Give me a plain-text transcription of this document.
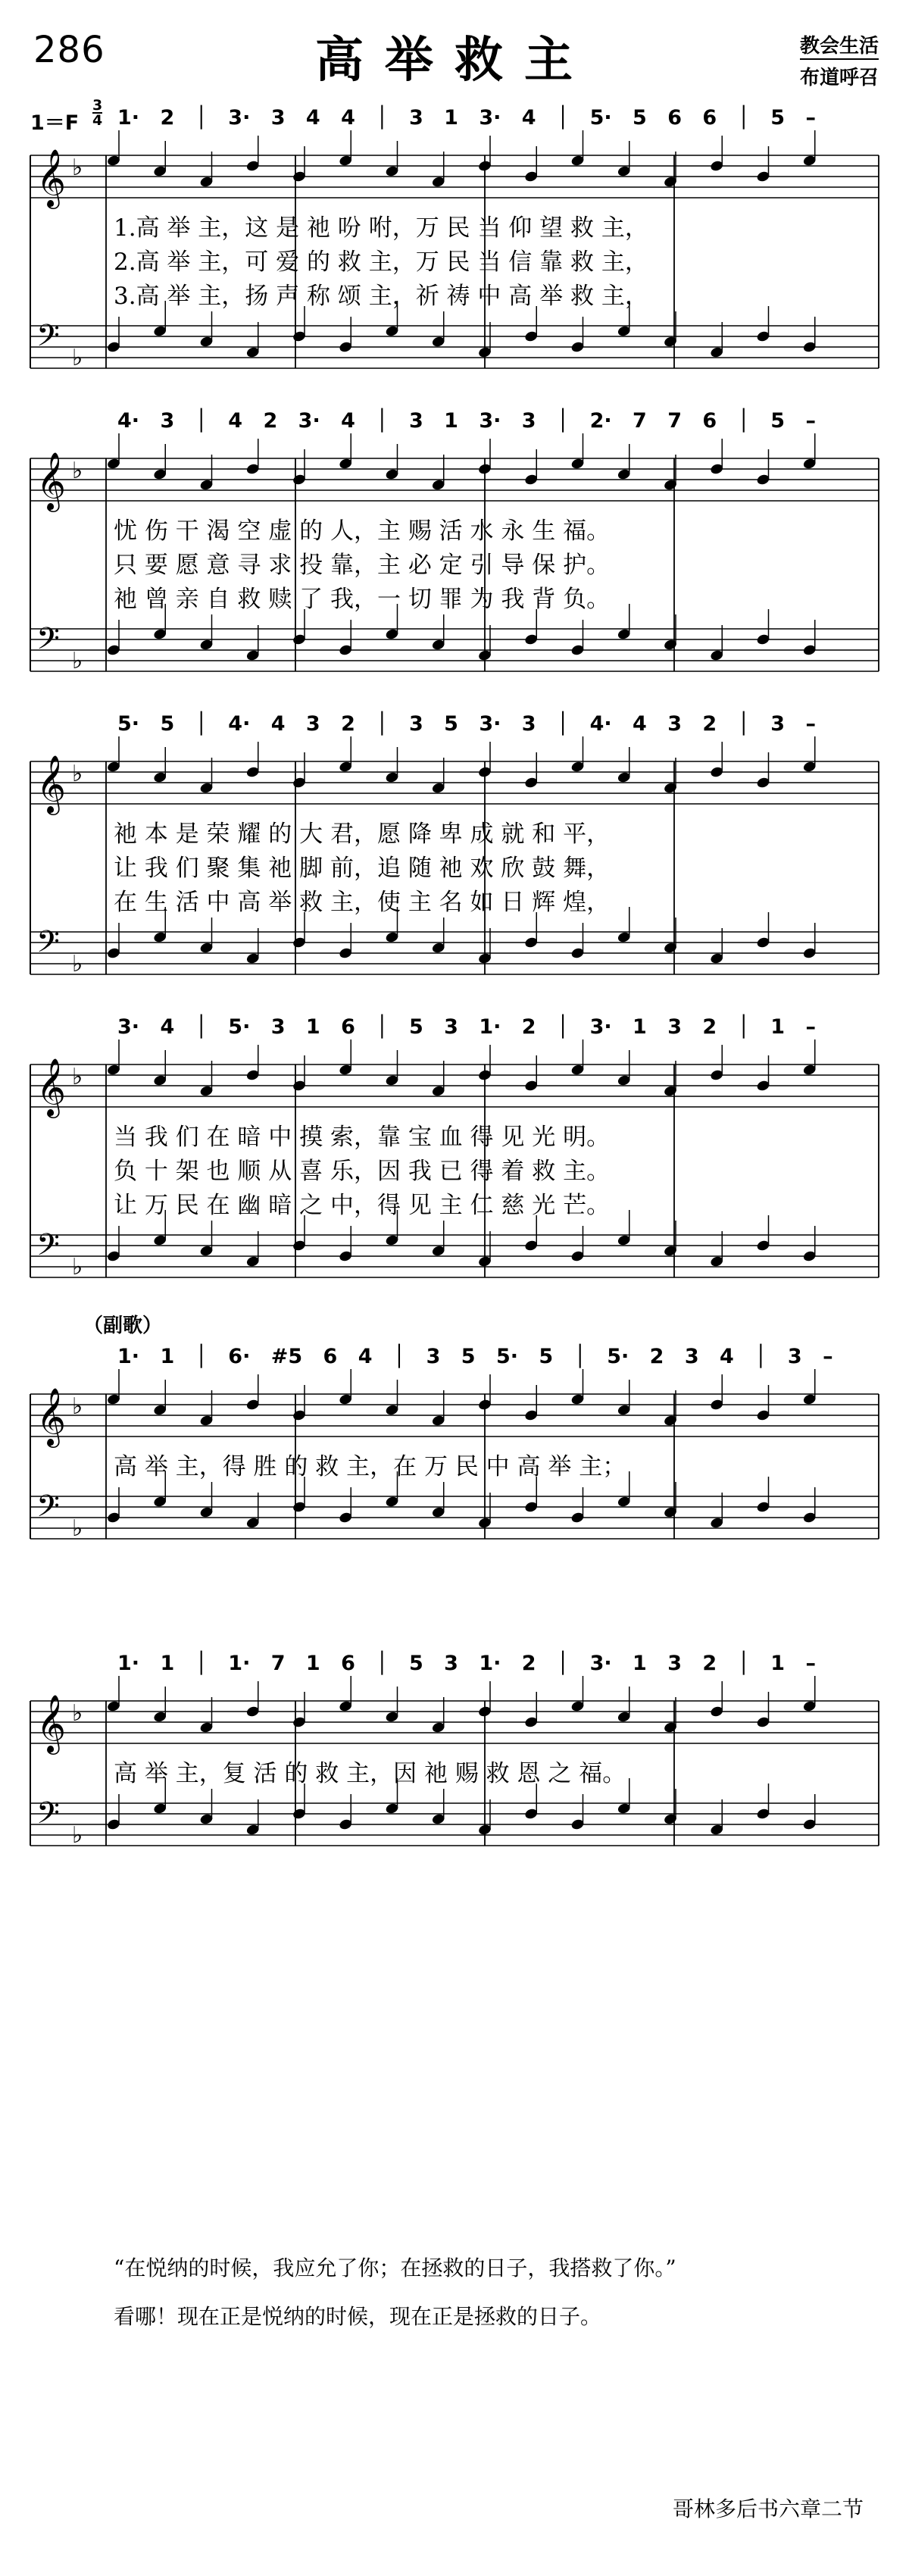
286	高举救主	教会生活
布道呼召
1＝F
3
4 1· 2 │ 3· 3 4 4 │ 3 1 3· 4 │ 5· 5 6 6 │ 5 –
𝄞 ♭
𝄢 ♭
1.高 举 主，这 是 祂 吩 咐，万 民 当 仰 望 救 主，
2.高 举 主，可 爱 的 救 主，万 民 当 信 靠 救 主，
3.高 举 主，扬 声 称 颂 主，祈 祷 中 高 举 救 主，
4· 3 │ 4 2 3· 4 │ 3 1 3· 3 │ 2· 7 7 6 │ 5 –
𝄞 ♭
𝄢 ♭
忧 伤 干 渴 空 虚 的 人，主 赐 活 水 永 生 福。
只 要 愿 意 寻 求 投 靠，主 必 定 引 导 保 护。
祂 曾 亲 自 救 赎 了 我，一 切 罪 为 我 背 负。
5· 5 │ 4· 4 3 2 │ 3 5 3· 3 │ 4· 4 3 2 │ 3 –
𝄞 ♭
𝄢 ♭
祂 本 是 荣 耀 的 大 君，愿 降 卑 成 就 和 平，
让 我 们 聚 集 祂 脚 前，追 随 祂 欢 欣 鼓 舞，
在 生 活 中 高 举 救 主，使 主 名 如 日 辉 煌，
3· 4 │ 5· 3 1 6 │ 5 3 1· 2 │ 3· 1 3 2 │ 1 –
𝄞 ♭
𝄢 ♭
当 我 们 在 暗 中 摸 索，靠 宝 血 得 见 光 明。
负 十 架 也 顺 从 喜 乐，因 我 已 得 着 救 主。
让 万 民 在 幽 暗 之 中，得 见 主 仁 慈 光 芒。
1· 1 │ 6· #5 6 4 │ 3 5 5· 5 │ 5· 2 3 4 │ 3 –
（副歌）
𝄞 ♭
𝄢 ♭
高 举 主，得 胜 的 救 主，在 万 民 中 高 举 主；
1· 1 │ 1· 7 1 6 │ 5 3 1· 2 │ 3· 1 3 2 │ 1 –
𝄞 ♭
𝄢 ♭
高 举 主，复 活 的 救 主，因 祂 赐 救 恩 之 福。
“在悦纳的时候，我应允了你；在拯救的日子，我搭救了你。”
看哪！现在正是悦纳的时候，现在正是拯救的日子。
哥林多后书六章二节
